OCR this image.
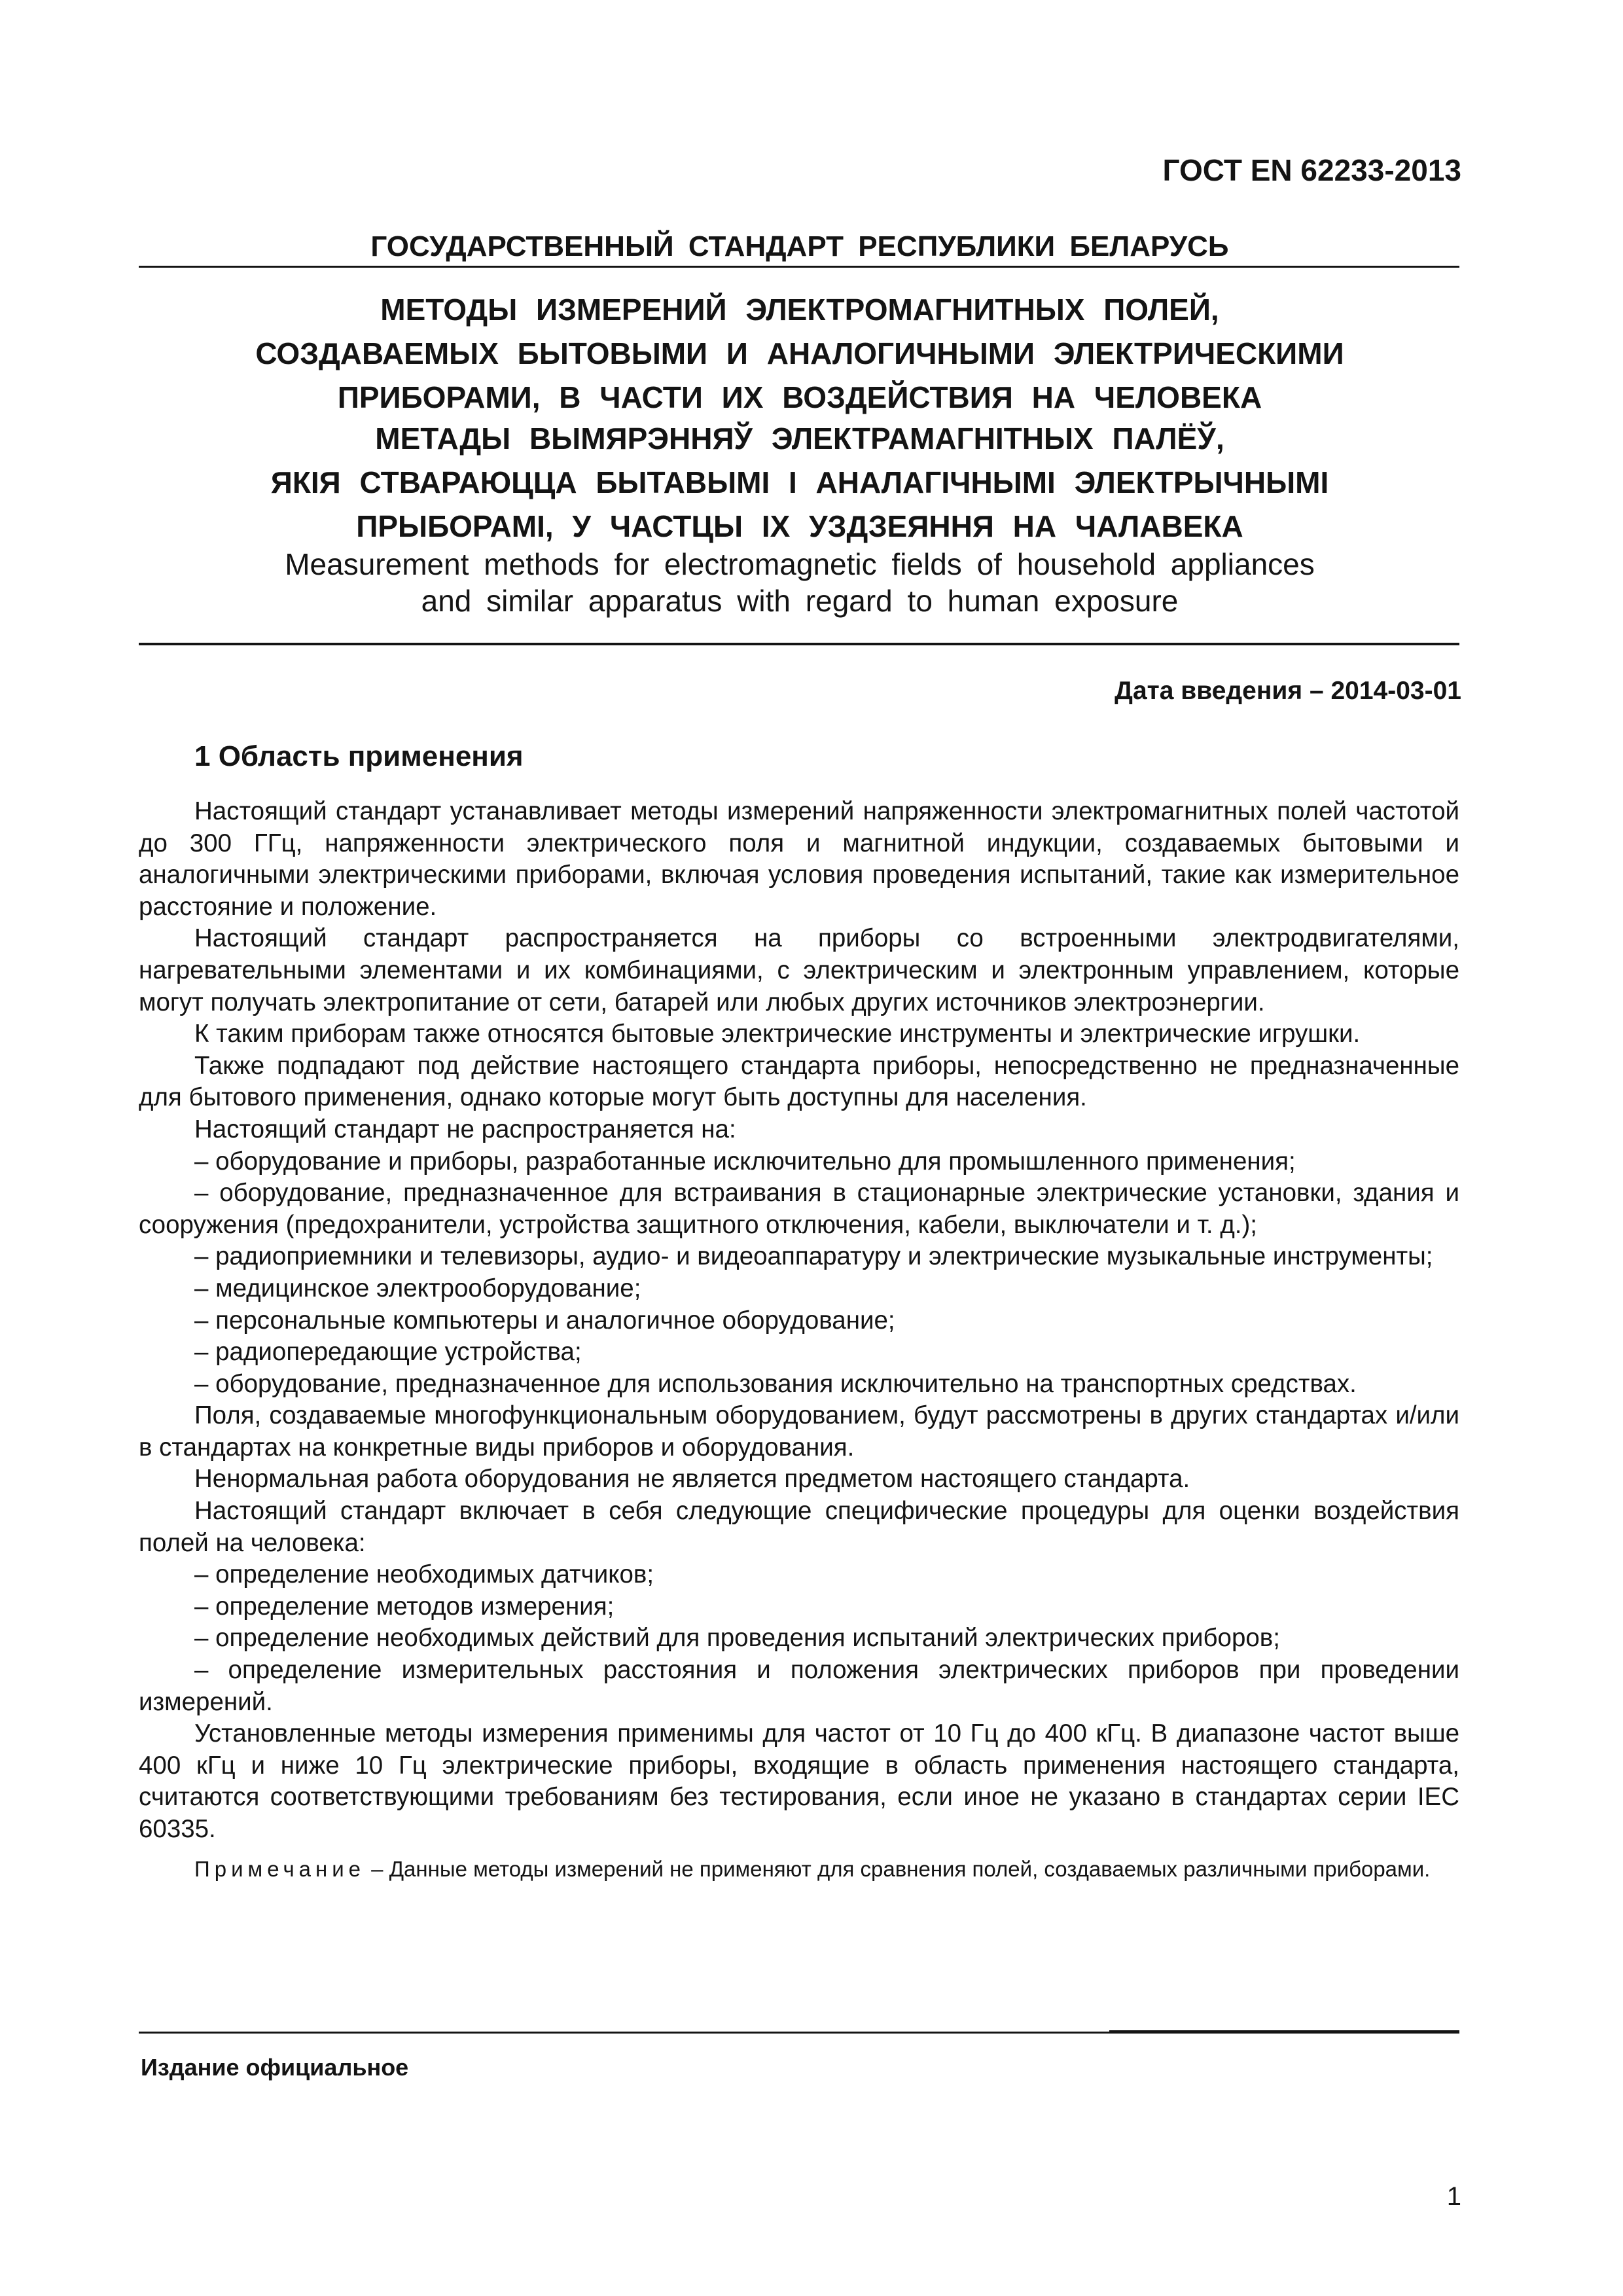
ГОСТ EN 62233-2013
ГОСУДАРСТВЕННЫЙ СТАНДАРТ РЕСПУБЛИКИ БЕЛАРУСЬ
МЕТОДЫ ИЗМЕРЕНИЙ ЭЛЕКТРОМАГНИТНЫХ ПОЛЕЙ,
СОЗДАВАЕМЫХ БЫТОВЫМИ И АНАЛОГИЧНЫМИ ЭЛЕКТРИЧЕСКИМИ
ПРИБОРАМИ, В ЧАСТИ ИХ ВОЗДЕЙСТВИЯ НА ЧЕЛОВЕКА
МЕТАДЫ ВЫМЯРЭННЯЎ ЭЛЕКТРАМАГНІТНЫХ ПАЛЁЎ,
ЯКІЯ СТВАРАЮЦЦА БЫТАВЫМІ І АНАЛАГІЧНЫМІ ЭЛЕКТРЫЧНЫМІ
ПРЫБОРАМІ, У ЧАСТЦЫ ІХ УЗДЗЕЯННЯ НА ЧАЛАВЕКА
Measurement methods for electromagnetic fields of household appliances
and similar apparatus with regard to human exposure
Дата введения – 2014-03-01
1 Область применения

Настоящий стандарт устанавливает методы измерений напряженности электромагнитных полей частотой до 300 ГГц, напряженности электрического поля и магнитной индукции, создаваемых бытовыми и аналогичными электрическими приборами, включая условия проведения испытаний, такие как измерительное расстояние и положение.

Настоящий стандарт распространяется на приборы со встроенными электродвигателями, нагревательными элементами и их комбинациями, с электрическим и электронным управлением, которые могут получать электропитание от сети, батарей или любых других источников электроэнергии.

К таким приборам также относятся бытовые электрические инструменты и электрические игрушки.

Также подпадают под действие настоящего стандарта приборы, непосредственно не предназначенные для бытового применения, однако которые могут быть доступны для населения.

Настоящий стандарт не распространяется на:

– оборудование и приборы, разработанные исключительно для промышленного применения;

– оборудование, предназначенное для встраивания в стационарные электрические установки, здания и сооружения (предохранители, устройства защитного отключения, кабели, выключатели и т. д.);

– радиоприемники и телевизоры, аудио- и видеоаппаратуру и электрические музыкальные инструменты;

– медицинское электрооборудование;

– персональные компьютеры и аналогичное оборудование;

– радиопередающие устройства;

– оборудование, предназначенное для использования исключительно на транспортных средствах.

Поля, создаваемые многофункциональным оборудованием, будут рассмотрены в других стандартах и/или в стандартах на конкретные виды приборов и оборудования.

Ненормальная работа оборудования не является предметом настоящего стандарта.

Настоящий стандарт включает в себя следующие специфические процедуры для оценки воздействия полей на человека:

– определение необходимых датчиков;

– определение методов измерения;

– определение необходимых действий для проведения испытаний электрических приборов;

– определение измерительных расстояния и положения электрических приборов при проведении измерений.

Установленные методы измерения применимы для частот от 10 Гц до 400 кГц. В диапазоне частот выше 400 кГц и ниже 10 Гц электрические приборы, входящие в область применения настоящего стандарта, считаются соответствующими требованиям без тестирования, если иное не указано в стандартах серии IEC 60335.

Примечание – Данные методы измерений не применяют для сравнения полей, создаваемых различными приборами.

Издание официальное
1
